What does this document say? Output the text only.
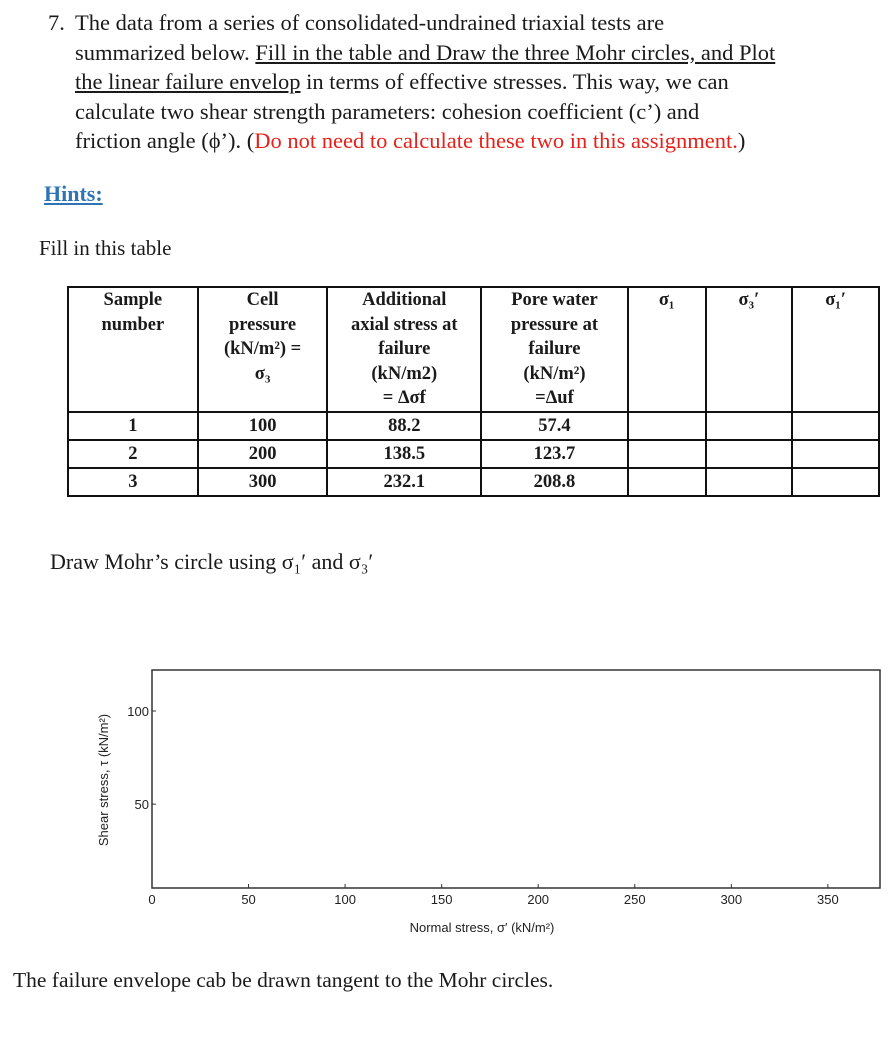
7. The data from a series of consolidated-undrained triaxial tests are
summarized below. Fill in the table and Draw the three Mohr circles, and Plot
the linear failure envelop in terms of effective stresses. This way, we can
calculate two shear strength parameters: cohesion coefficient (c’) and
friction angle (ϕ’). (Do not need to calculate these two in this assignment.)
Hints:
Fill in this table
Sample
number	Cell
pressure
(kN/m²) =
σ₃	Additional
axial stress at
failure
(kN/m2)
= Δσf	Pore water
pressure at
failure
(kN/m²)
=Δuf	σ₁	σ₃′	σ₁′

1	100	88.2	57.4			
2	200	138.5	123.7			
3	300	232.1	208.8			
Draw Mohr’s circle using σ₁′ and σ₃′
0	50	100	150	200	250	300	350
50
100
Normal stress, σ′ (kN/m²)
Shear stress, τ (kN/m²)
The failure envelope cab be drawn tangent to the Mohr circles.
